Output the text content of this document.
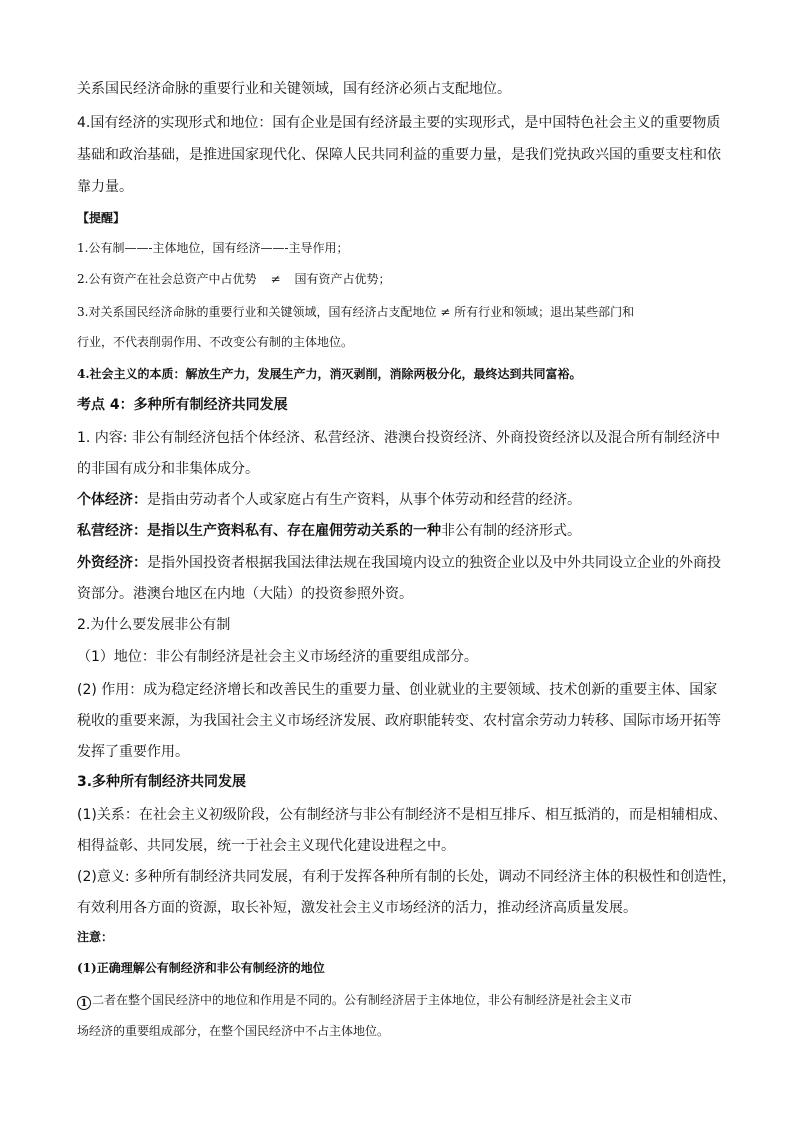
关系国民经济命脉的重要行业和关键领域，国有经济必须占支配地位。
4.国有经济的实现形式和地位：国有企业是国有经济最主要的实现形式，是中国特色社会主义的重要物质
基础和政治基础，是推进国家现代化、保障人民共同利益的重要力量，是我们党执政兴国的重要支柱和依
靠力量。
【提醒】
1.公有制——-主体地位，国有经济——-主导作用；
2.公有资产在社会总资产中占优势 ≠ 国有资产占优势；
3.对关系国民经济命脉的重要行业和关键领域，国有经济占支配地位 ≠ 所有行业和领域；退出某些部门和
行业，不代表削弱作用、不改变公有制的主体地位。
4.社会主义的本质：解放生产力，发展生产力，消灭剥削，消除两极分化，最终达到共同富裕。
考点 4：多种所有制经济共同发展
1. 内容: 非公有制经济包括个体经济、私营经济、港澳台投资经济、外商投资经济以及混合所有制经济中
的非国有成分和非集体成分。
个体经济：是指由劳动者个人或家庭占有生产资料，从事个体劳动和经营的经济。
私营经济：是指以生产资料私有、存在雇佣劳动关系的一种非公有制的经济形式。
外资经济：是指外国投资者根据我国法律法规在我国境内设立的独资企业以及中外共同设立企业的外商投
资部分。港澳台地区在内地（大陆）的投资参照外资。
2.为什么要发展非公有制
（1）地位：非公有制经济是社会主义市场经济的重要组成部分。
(2) 作用：成为稳定经济增长和改善民生的重要力量、创业就业的主要领域、技术创新的重要主体、国家
税收的重要来源，为我国社会主义市场经济发展、政府职能转变、农村富余劳动力转移、国际市场开拓等
发挥了重要作用。
3.多种所有制经济共同发展
(1)关系：在社会主义初级阶段，公有制经济与非公有制经济不是相互排斥、相互抵消的，而是相辅相成、
相得益彰、共同发展，统一于社会主义现代化建设进程之中。
(2)意义: 多种所有制经济共同发展，有利于发挥各种所有制的长处，调动不同经济主体的积极性和创造性，
有效利用各方面的资源，取长补短，激发社会主义市场经济的活力，推动经济高质量发展。
注意：
(1)正确理解公有制经济和非公有制经济的地位
1 二者在整个国民经济中的地位和作用是不同的。公有制经济居于主体地位，非公有制经济是社会主义市
场经济的重要组成部分，在整个国民经济中不占主体地位。
